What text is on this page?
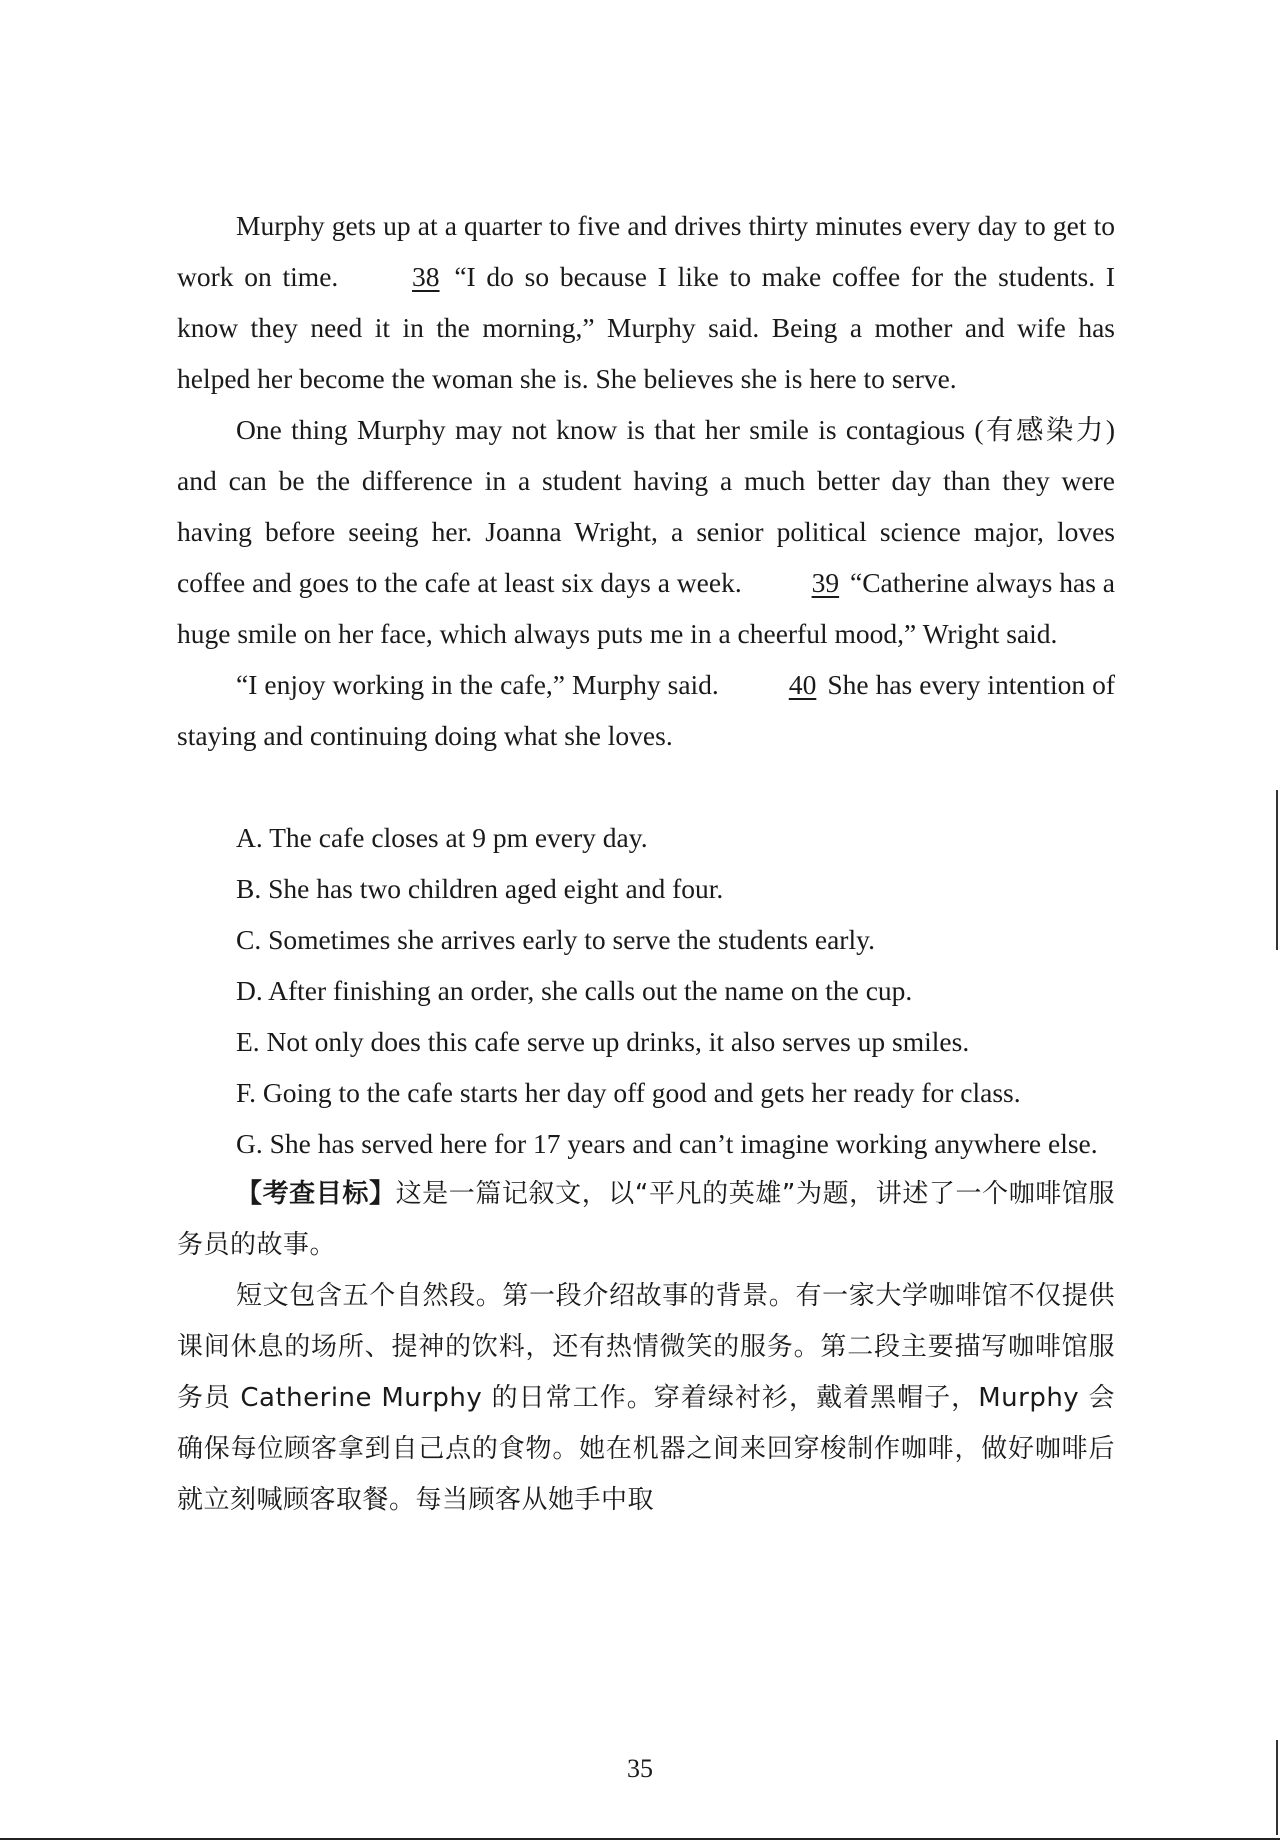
Murphy gets up at a quarter to five and drives thirty minutes every day to get to work on time.	38 “I do so because I like to make coffee for the students. I know they need it in the morning,” Murphy said. Being a mother and wife has helped her become the woman she is. She believes she is here to serve.

One thing Murphy may not know is that her smile is contagious (有感染力) and can be the difference in a student having a much better day than they were having before seeing her. Joanna Wright, a senior political science major, loves coffee and goes to the cafe at least six days a week.	39 “Catherine always has a huge smile on her face, which always puts me in a cheerful mood,” Wright said.

“I enjoy working in the cafe,” Murphy said.	40 She has every intention of staying and continuing doing what she loves.

A. The cafe closes at 9 pm every day.

B. She has two children aged eight and four.

C. Sometimes she arrives early to serve the students early.

D. After finishing an order, she calls out the name on the cup.

E. Not only does this cafe serve up drinks, it also serves up smiles.

F. Going to the cafe starts her day off good and gets her ready for class.

G. She has served here for 17 years and can’t imagine working anywhere else.

【考查目标】这是一篇记叙文，以“平凡的英雄”为题，讲述了一个咖啡馆服务员的故事。

短文包含五个自然段。第一段介绍故事的背景。有一家大学咖啡馆不仅提供课间休息的场所、提神的饮料，还有热情微笑的服务。第二段主要描写咖啡馆服务员 Catherine Murphy 的日常工作。穿着绿衬衫，戴着黑帽子，Murphy 会确保每位顾客拿到自己点的食物。她在机器之间来回穿梭制作咖啡，做好咖啡后就立刻喊顾客取餐。每当顾客从她手中取

35
